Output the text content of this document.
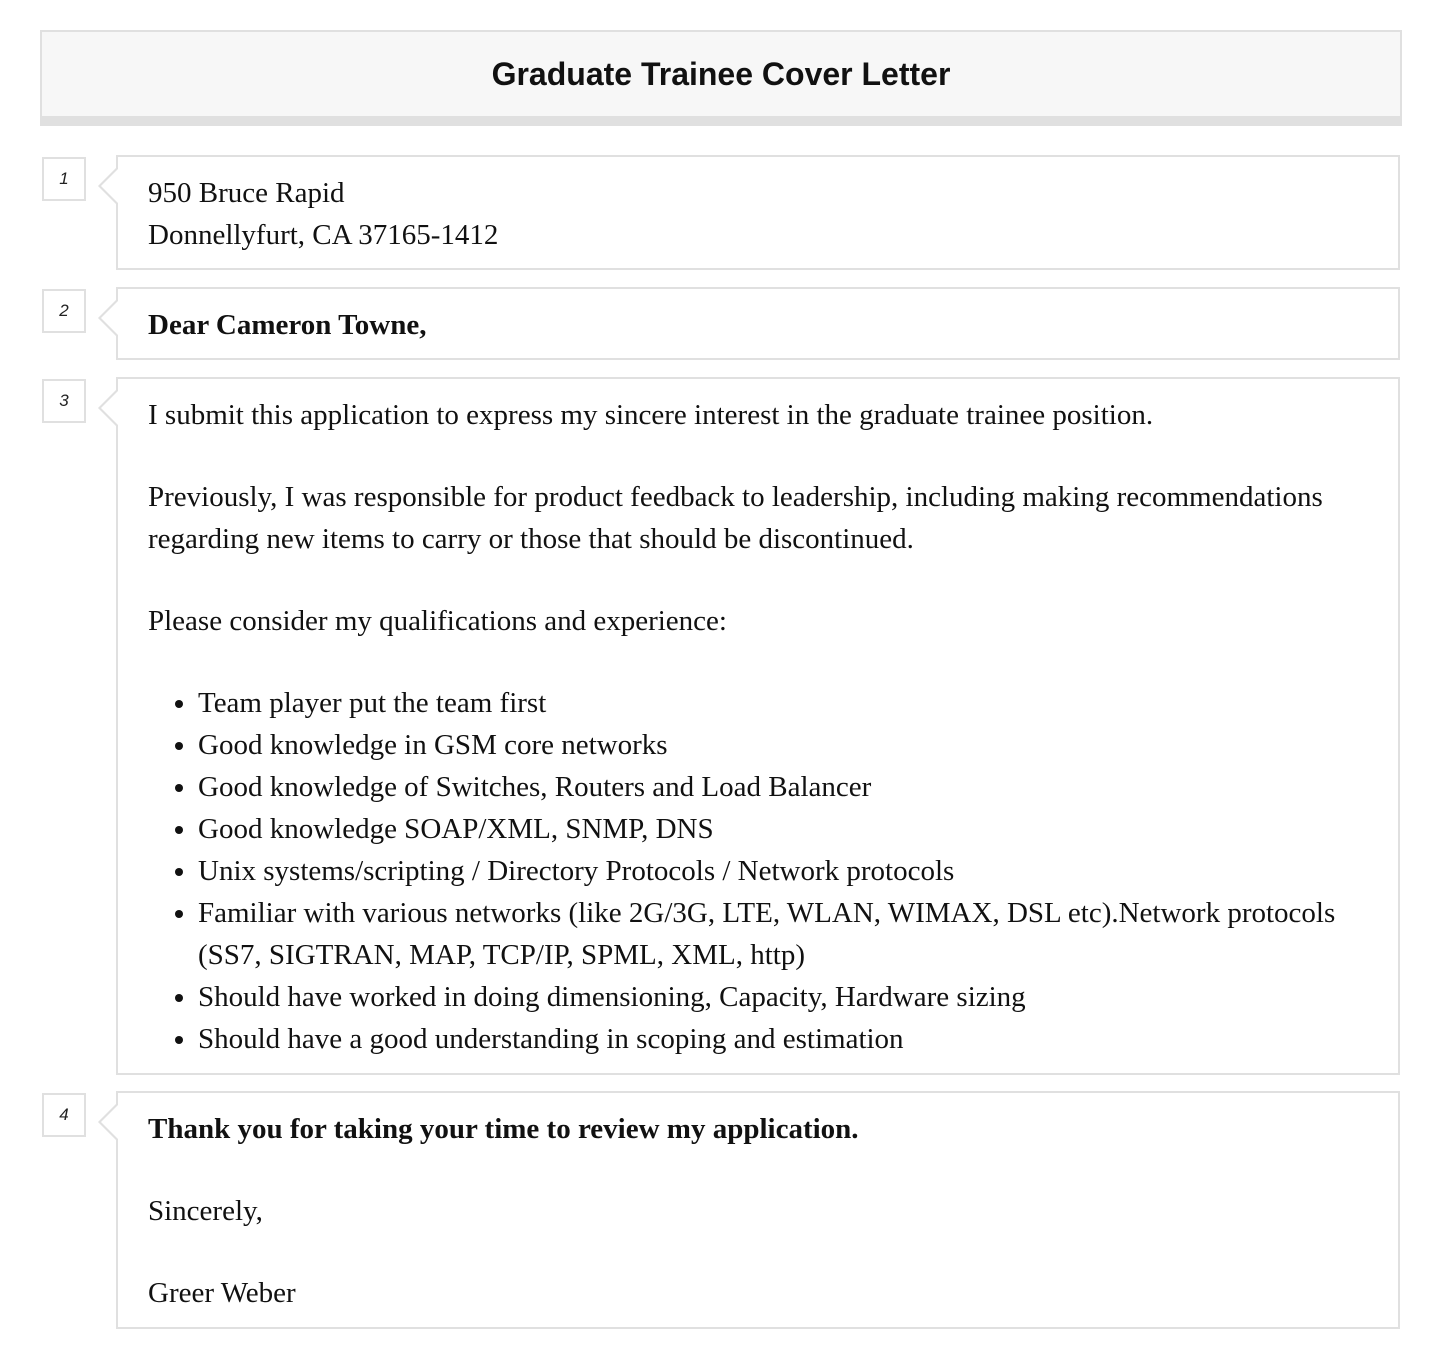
Graduate Trainee Cover Letter
1	950 Bruce Rapid

Donnellyfurt, CA 37165-1412

2	Dear Cameron Towne,

3	I submit this application to express my sincere interest in the graduate trainee position.

Previously, I was responsible for product feedback to leadership, including making recommendations regarding new items to carry or those that should be discontinued.

Please consider my qualifications and experience:

• Team player put the team first
• Good knowledge in GSM core networks
• Good knowledge of Switches, Routers and Load Balancer
• Good knowledge SOAP/XML, SNMP, DNS
• Unix systems/scripting / Directory Protocols / Network protocols
• Familiar with various networks (like 2G/3G, LTE, WLAN, WIMAX, DSL etc).Network protocols (SS7, SIGTRAN, MAP, TCP/IP, SPML, XML, http)
• Should have worked in doing dimensioning, Capacity, Hardware sizing
• Should have a good understanding in scoping and estimation
4	Thank you for taking your time to review my application.

Sincerely,

Greer Weber
